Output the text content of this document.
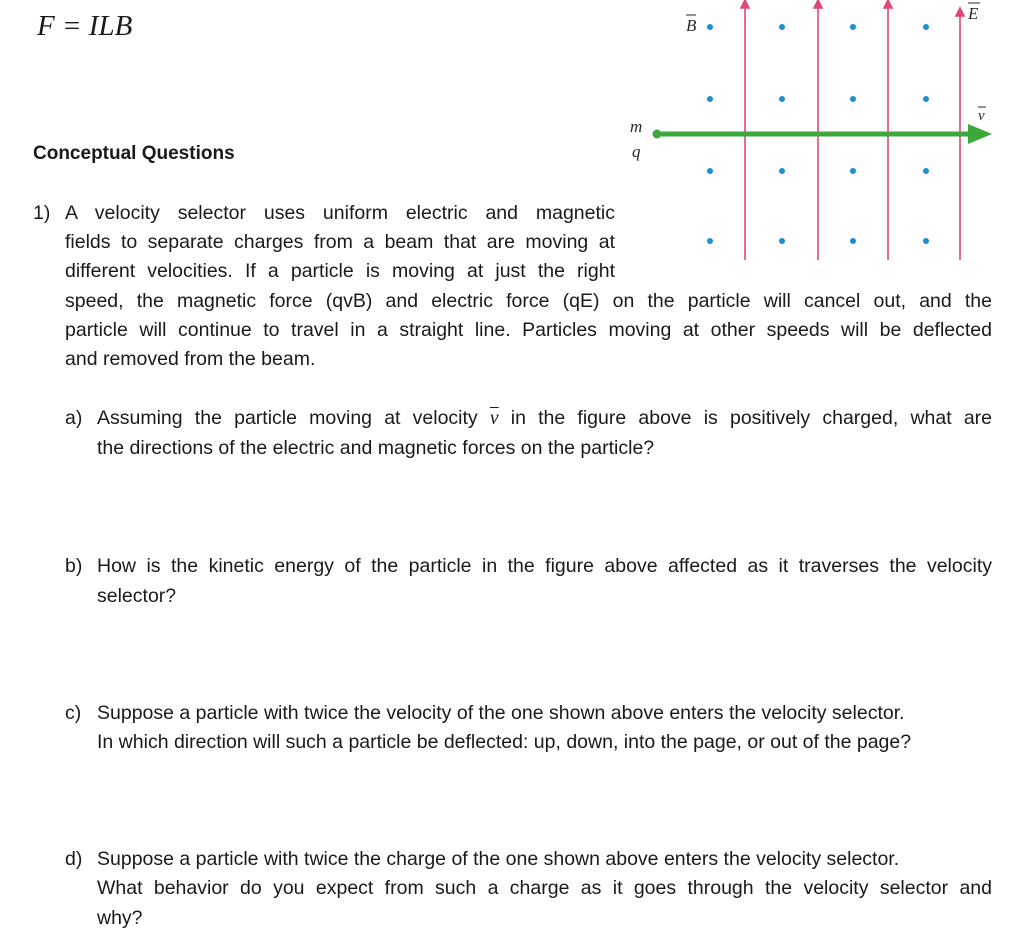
F = ILB	B
E
v
m
q
Conceptual Questions
1) A velocity selector uses uniform electric and magnetic
fields to separate charges from a beam that are moving at
different velocities. If a particle is moving at just the right
speed, the magnetic force (qvB) and electric force (qE) on the particle will cancel out, and the
particle will continue to travel in a straight line. Particles moving at other speeds will be deflected
and removed from the beam.
a) Assuming the particle moving at velocity $\overline{v}$ in the figure above is positively charged, what are
the directions of the electric and magnetic forces on the particle?
b) How is the kinetic energy of the particle in the figure above affected as it traverses the velocity
selector?
c) Suppose a particle with twice the velocity of the one shown above enters the velocity selector.
In which direction will such a particle be deflected: up, down, into the page, or out of the page?
d) Suppose a particle with twice the charge of the one shown above enters the velocity selector.
What behavior do you expect from such a charge as it goes through the velocity selector and
why?
